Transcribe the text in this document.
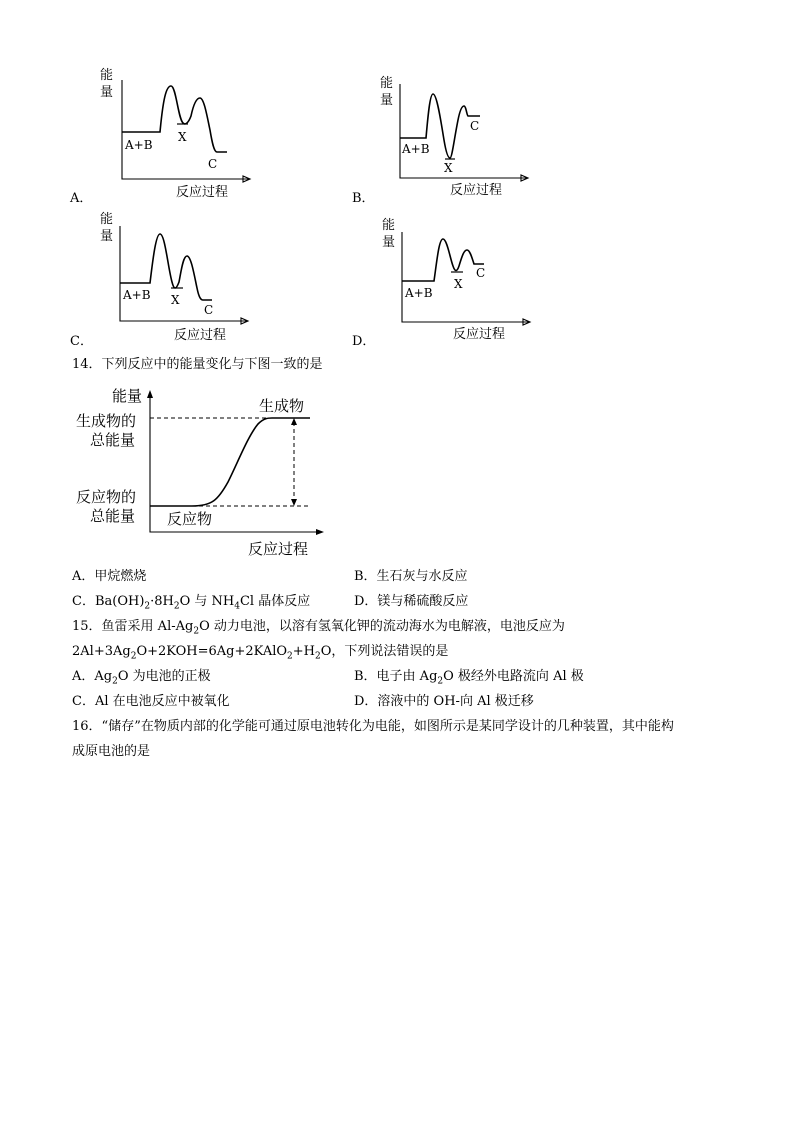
能
量
A+B
X
C
反应过程
A．
能
量
A+B
X
C
反应过程
B．
能
量
A+B X
C
反应过程
C．
能
量
A+B
X
C
反应过程
D．
14．下列反应中的能量变化与下图一致的是
能量
生成物的
总能量
反应物的
总能量
生成物
反应物
反应过程
A．甲烷燃烧	B．生石灰与水反应
C．$Ba(OH)_2\cdot 8H_2O$ 与 $NH_4Cl$ 晶体反应	D．镁与稀硫酸反应
15．鱼雷采用 $Al-Ag_2O$ 动力电池，以溶有氢氧化钾的流动海水为电解液，电池反应为
$2Al+3Ag_2O+2KOH=6Ag+2KAlO_2+H_2O$，下列说法错误的是
A．$Ag_2O$ 为电池的正极	B．电子由 $Ag_2O$ 极经外电路流向 Al 极
C．Al 在电池反应中被氧化	D．溶液中的 OH-向 Al 极迁移
16．“储存”在物质内部的化学能可通过原电池转化为电能，如图所示是某同学设计的几种装置，其中能构
成原电池的是
